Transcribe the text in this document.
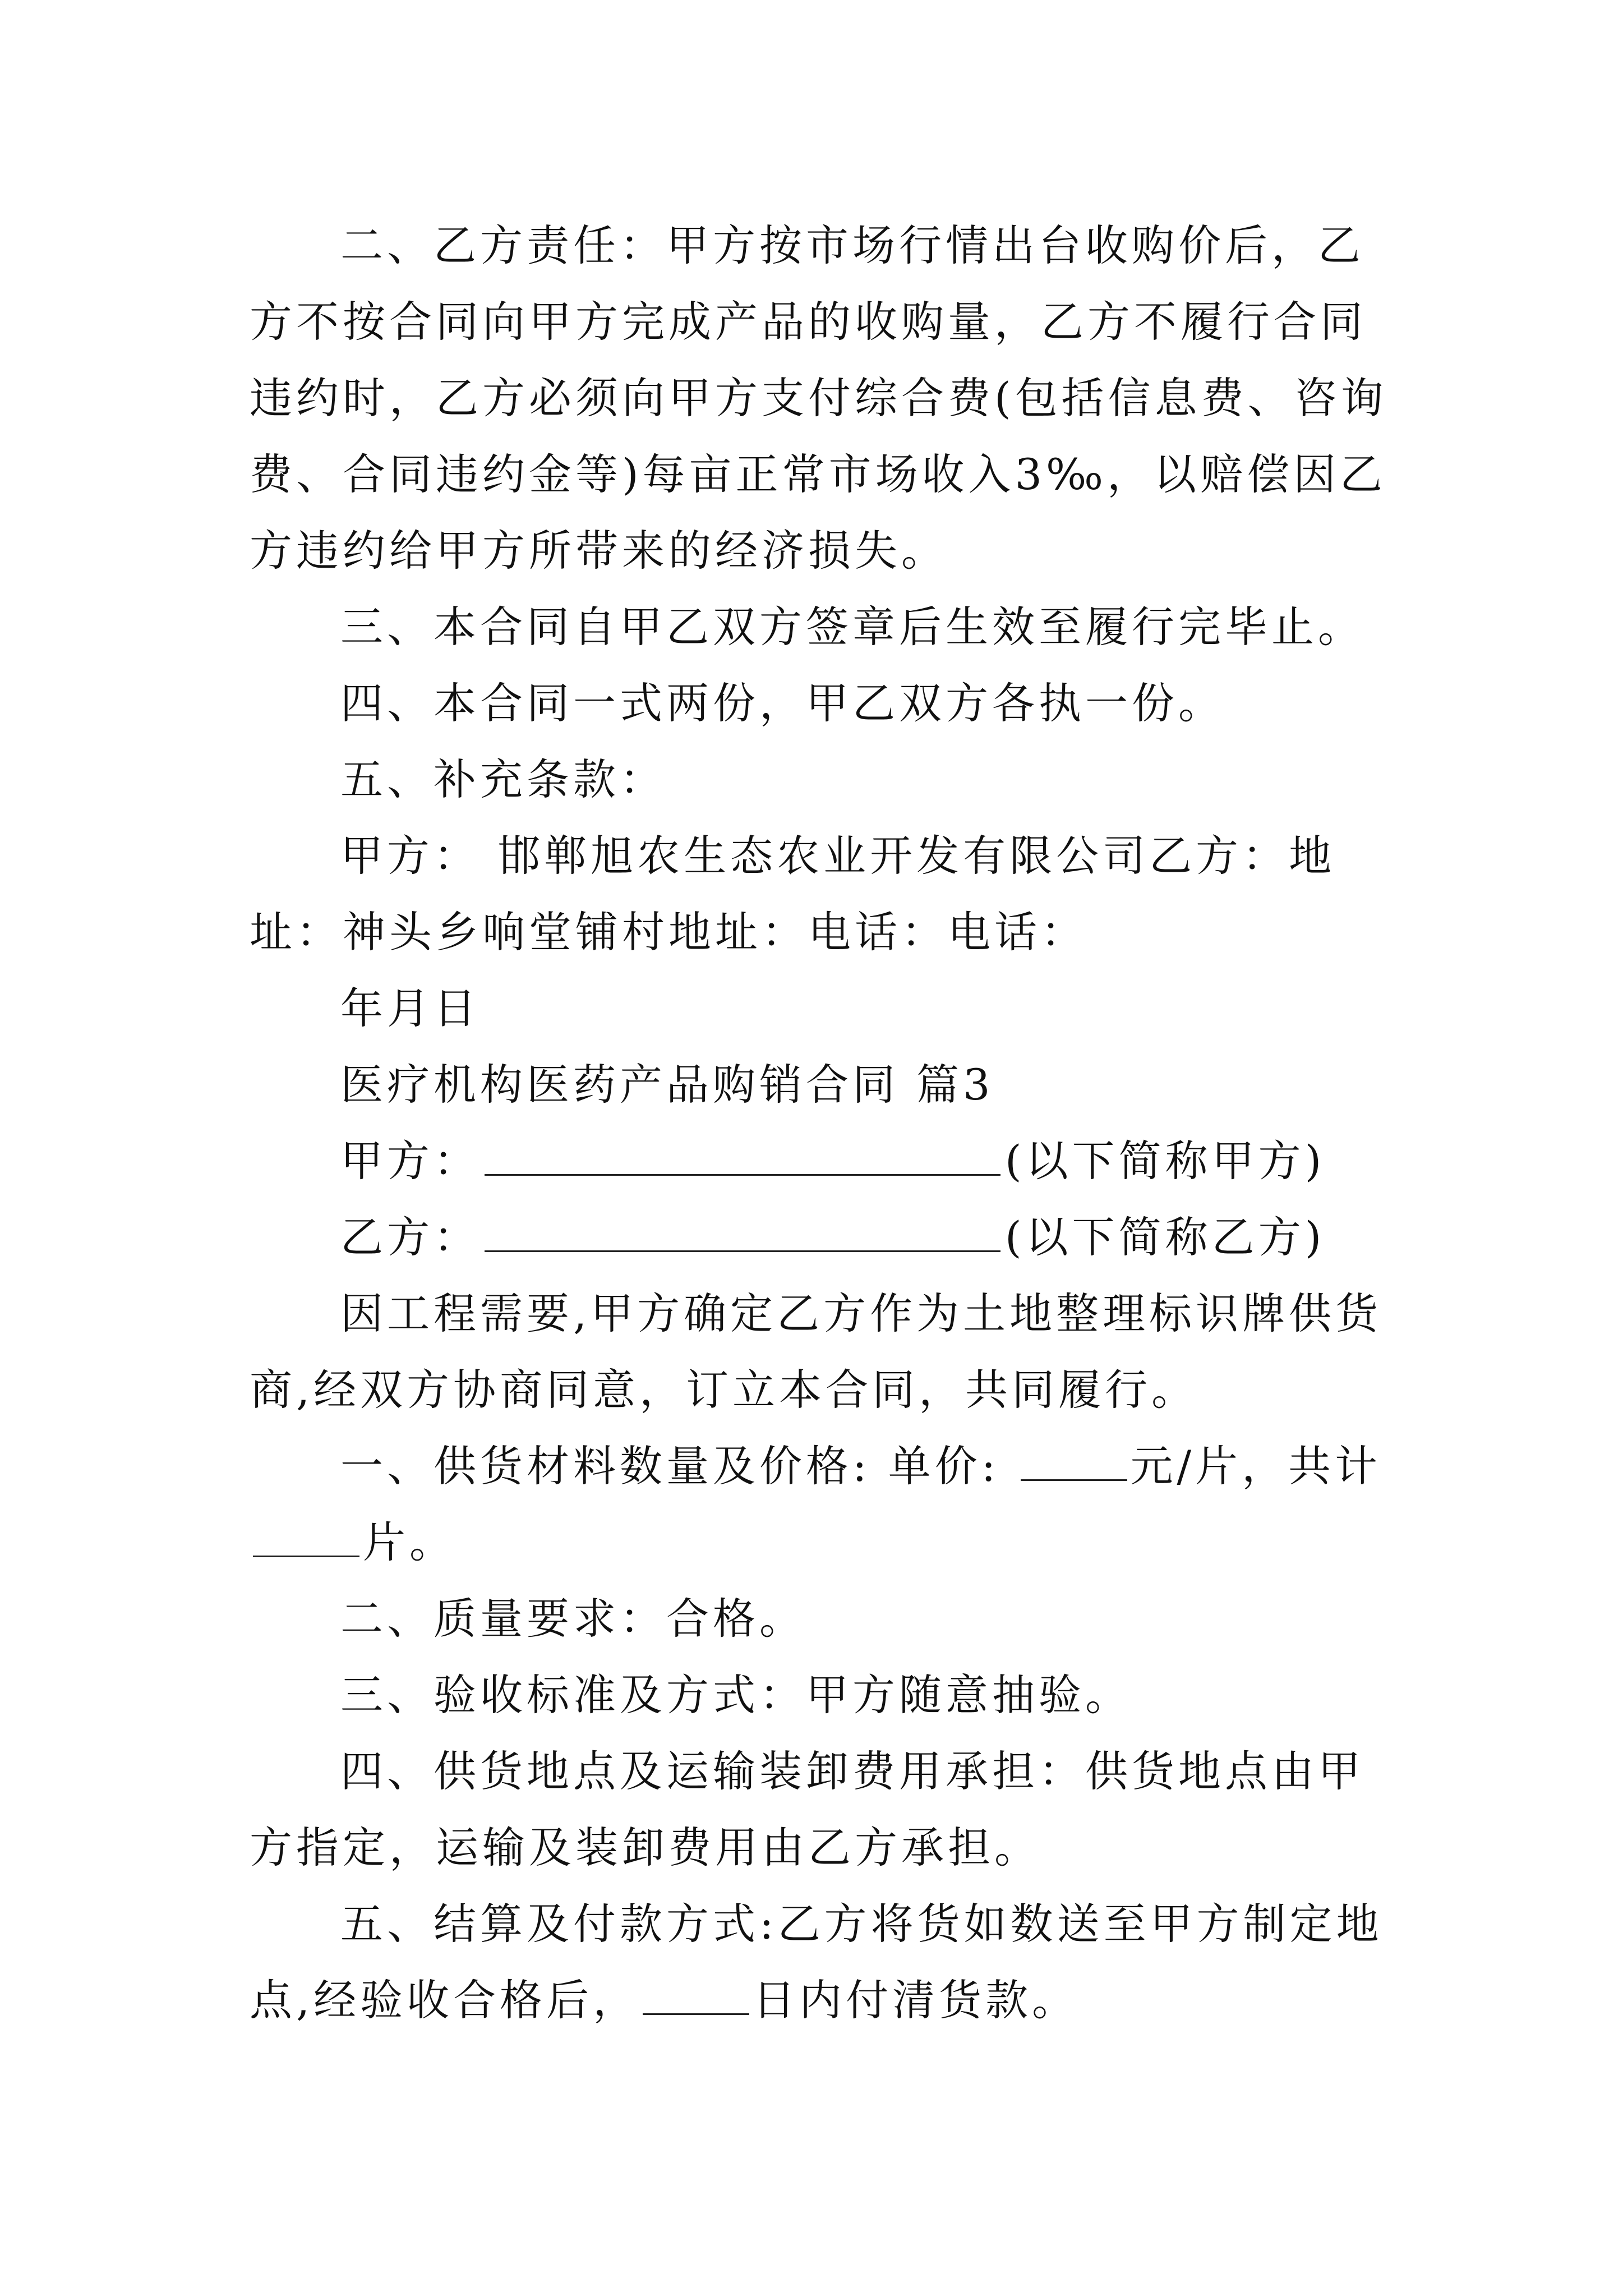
二、乙方责任：甲方按市场行情出台收购价后，乙方不按合同向甲方完成产品的收购量，乙方不履行合同违约时，乙方必须向甲方支付综合费(包括信息费、咨询费、合同违约金等)每亩正常市场收入3‰，以赔偿因乙方违约给甲方所带来的经济损失。

三、本合同自甲乙双方签章后生效至履行完毕止。

四、本合同一式两份，甲乙双方各执一份。

五、补充条款：

甲方： 邯郸旭农生态农业开发有限公司乙方：地址：神头乡响堂铺村地址：电话：电话：

年月日

医疗机构医药产品购销合同 篇3

甲方：	(以下简称甲方)

乙方：	(以下简称乙方)

因工程需要,甲方确定乙方作为土地整理标识牌供货商,经双方协商同意，订立本合同，共同履行。

一、供货材料数量及价格: 单价:	元/片，共计片。

二、质量要求：合格。

三、验收标准及方式：甲方随意抽验。

四、供货地点及运输装卸费用承担：供货地点由甲方指定，运输及装卸费用由乙方承担。

五、结算及付款方式:乙方将货如数送至甲方制定地点,经验收合格后，	日内付清货款。
